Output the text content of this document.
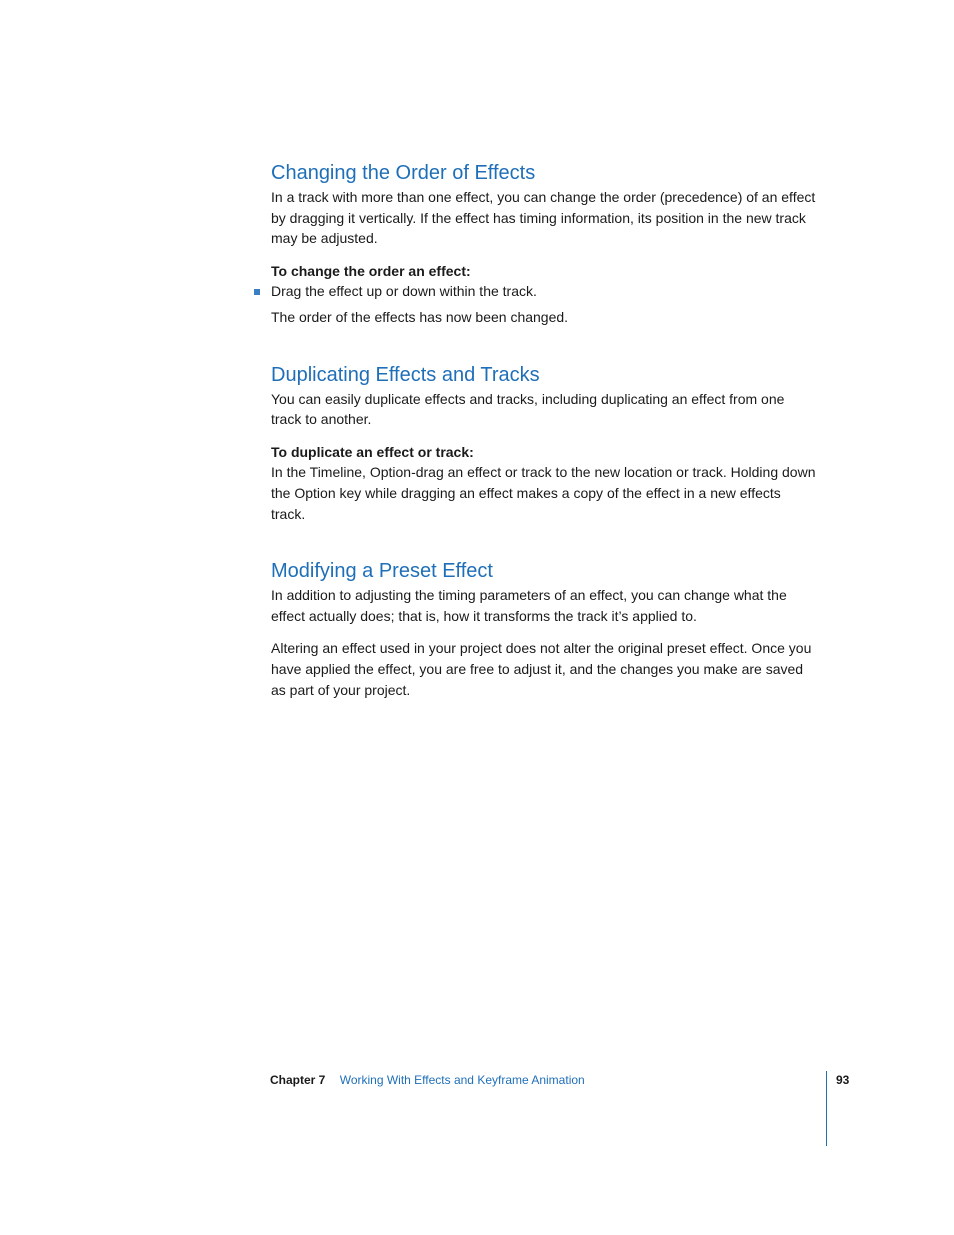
Changing the Order of Effects

In a track with more than one effect, you can change the order (precedence) of an effect by dragging it vertically. If the effect has timing information, its position in the new track may be adjusted.

To change the order an effect:

Drag the effect up or down within the track.

The order of the effects has now been changed.

Duplicating Effects and Tracks

You can easily duplicate effects and tracks, including duplicating an effect from one track to another.

To duplicate an effect or track:

In the Timeline, Option-drag an effect or track to the new location or track. Holding down the Option key while dragging an effect makes a copy of the effect in a new effects track.

Modifying a Preset Effect

In addition to adjusting the timing parameters of an effect, you can change what the effect actually does; that is, how it transforms the track it’s applied to.

Altering an effect used in your project does not alter the original preset effect. Once you have applied the effect, you are free to adjust it, and the changes you make are saved as part of your project.

Chapter 7 Working With Effects and Keyframe Animation	93
